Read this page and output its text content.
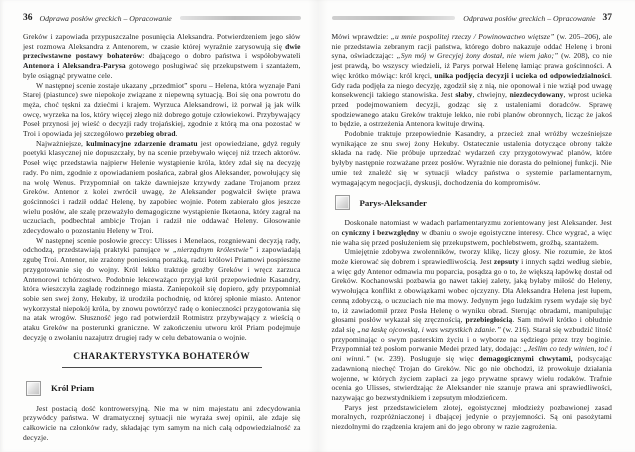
36 Odprawa posłów greckich – Opracowanie

Greków i zapowiada przypuszczalne posunięcia Aleksandra. Potwierdzeniem jego słów jest rozmowa Aleksandra z Antenorem, w czasie której wyraźnie zarysowują się dwie przeciwstawne postawy bohaterów: dbającego o dobro państwa i współobywateli Antenora i Aleksandra-Parysa gotowego posługiwać się przekupstwem i szantażem, byle osiągnąć prywatne cele.

W następnej scenie zostaje ukazany „przedmiot” sporu – Helena, która wyznaje Pani Starej (piastunce) swe niepokoje związane z niepewną sytuacją. Boi się ona powrotu do męża, choć tęskni za dziećmi i krajem. Wyrzuca Aleksandrowi, iż porwał ją jak wilk owcę, wyrzeka na los, który więcej złego niż dobrego gotuje człowiekowi. Przybywający Poseł przynosi jej wieść o decyzji rady trojańskiej, zgodnie z którą ma ona pozostać w Troi i opowiada jej szczegółowo przebieg obrad.

Najważniejsze, kulminacyjne zdarzenie dramatu jest opowiedziane, gdyż reguły poetyki klasycznej nie dopuszczały, by na scenie przebywało więcej niż trzech aktorów. Poseł więc przedstawia najpierw Helenie wystąpienie króla, który zdał się na decyzję rady. Po nim, zgodnie z opowiadaniem posłańca, zabrał głos Aleksander, powołujący się na wolę Wenus. Przypomniał on także dawniejsze krzywdy zadane Trojanom przez Greków. Antenor z kolei zwrócił uwagę, że Aleksander pogwałcił święte prawa gościnności i radził oddać Helenę, by zapobiec wojnie. Potem zabierało głos jeszcze wielu posłów, ale szalę przeważyło demagogiczne wystąpienie Iketaona, który zagrał na uczuciach, podbechtał ambicje Trojan i radził nie oddawać Heleny. Głosowanie zdecydowało o pozostaniu Heleny w Troi.

W następnej scenie posłowie greccy: Ulisses i Menelaos, rozgniewani decyzją rady, odchodzą, przedstawiają praktyki panujące w „nierządnym królestwie” i zapowiadają zgubę Troi. Antenor, nie zrażony poniesioną porażką, radzi królowi Priamowi pospieszne przygotowanie się do wojny. Król lekko traktuje groźby Greków i wręcz zarzuca Antenorowi tchórzostwo. Podobnie lekceważąco przyjął król przepowiednie Kasandry, która wieszczyła zagładę rodzinnego miasta. Zaniepokoił się dopiero, gdy przypomniał sobie sen swej żony, Hekuby, iż urodziła pochodnię, od której spłonie miasto. Antenor wykorzystał niepokój króla, by znowu powtórzyć radę o konieczności przygotowania się na atak wrogów. Słuszność jego rad potwierdził Rotmistrz przybywający z wieścią o ataku Greków na posterunki graniczne. W zakończeniu utworu król Priam podejmuje decyzję o zwołaniu nazajutrz drugiej rady w celu debatowania o wojnie.

CHARAKTERYSTYKA BOHATERÓW
Król Priam

Jest postacią dość kontrowersyjną. Nie ma w nim majestatu ani zdecydowania przywódcy państwa. W dramatycznej sytuacji nie wyraża swej opinii, ale zdaje się całkowicie na członków rady, składając tym samym na nich całą odpowiedzialność za decyzje.

Odprawa posłów greckich – Opracowanie 37

Mówi wprawdzie: „u mnie pospolitej rzeczy / Powinowactwo więtsze” (w. 205–206), ale nie przedstawia zebranym racji państwa, którego dobro nakazuje oddać Helenę i broni syna, oświadczając: „Syn mój w Grecyjej żony dostał, nie wiem jako;” (w. 208), co nie jest prawdą, bo wszyscy wiedzieli, iż Parys porwał Helenę łamiąc prawa gościnności. A więc krótko mówiąc: król kręci, unika podjęcia decyzji i ucieka od odpowiedzialności. Gdy rada podjęła za niego decyzję, zgodził się z nią, nie oponował i nie wziął pod uwagę konsekwencji takiego stanowiska. Jest słaby, chwiejny, niezdecydowany, wprost ucieka przed podejmowaniem decyzji, godząc się z ustaleniami doradców. Sprawę spodziewanego ataku Greków traktuje lekko, nie robi planów obronnych, licząc że jakoś to będzie, a ostrzeżenia Antenora kwituje drwiną.

Podobnie traktuje przepowiednie Kasandry, a przecież znał wróżby wcześniejsze wynikające ze snu swej żony Hekuby. Ostatecznie ustalenia dotyczące obrony także składa na radę. Nie próbuje uprzedzać wydarzeń czy przygotowywać planów, które byłyby następnie rozważane przez posłów. Wyraźnie nie dorasta do pełnionej funkcji. Nie umie też znaleźć się w sytuacji władcy państwa o systemie parlamentarnym, wymagającym negocjacji, dyskusji, dochodzenia do kompromisów.

Parys-Aleksander

Doskonale natomiast w wadach parlamentaryzmu zorientowany jest Aleksander. Jest on cyniczny i bezwzględny w dbaniu o swoje egoistyczne interesy. Chce wygrać, a więc nie waha się przed posłużeniem się przekupstwem, pochlebstwem, groźbą, szantażem.

Umiejętnie zdobywa zwolenników, tworzy klikę, liczy głosy. Nie rozumie, że ktoś może kierować się dobrem i sprawiedliwością. Jest zepsuty i innych sądzi według siebie, a więc gdy Antenor odmawia mu poparcia, posądza go o to, że większą łapówkę dostał od Greków. Kochanowski pozbawia go nawet takiej zalety, jaką byłaby miłość do Heleny, wywołująca konflikt z obowiązkami wobec ojczyzny. Dla Aleksandra Helena jest łupem, cenną zdobyczą, o uczuciach nie ma mowy. Jedynym jego ludzkim rysem wydaje się być to, iż zawiadomił przez Posła Helenę o wyniku obrad. Sterując obradami, manipulując głosami posłów wykazał się zręcznością, przebiegłością. Sam mówił krótko i obłudnie zdał się „na łaskę ojcowską, i was wszystkich zdanie.” (w. 216). Starał się wzbudzić litość przypominając o swym pasterskim życiu i o wyborze na sędziego przez trzy boginie. Przypomniał też posłom porwanie Medei przed laty, dodając: „Jeślim co tedy winien, toć i oni winni.” (w. 239). Posługuje się więc demagogicznymi chwytami, podsycając zadawnioną niechęć Trojan do Greków. Nic go nie obchodzi, iż prowokuje działania wojenne, w których życiem zapłaci za jego prywatne sprawy wielu rodaków. Trafnie ocenia go Ulisses, stwierdzając że Aleksander nie szanuje prawa ani sprawiedliwości, nazywając go bezwstydnikiem i zepsutym młodzieńcem.

Parys jest przedstawicielem złotej, egoistycznej młodzieży pozbawionej zasad moralnych, rozpróżniaczonej i dbającej jedynie o przyjemności. Są oni pasożytami niezdolnymi do rządzenia krajem ani do jego obrony w razie zagrożenia.
